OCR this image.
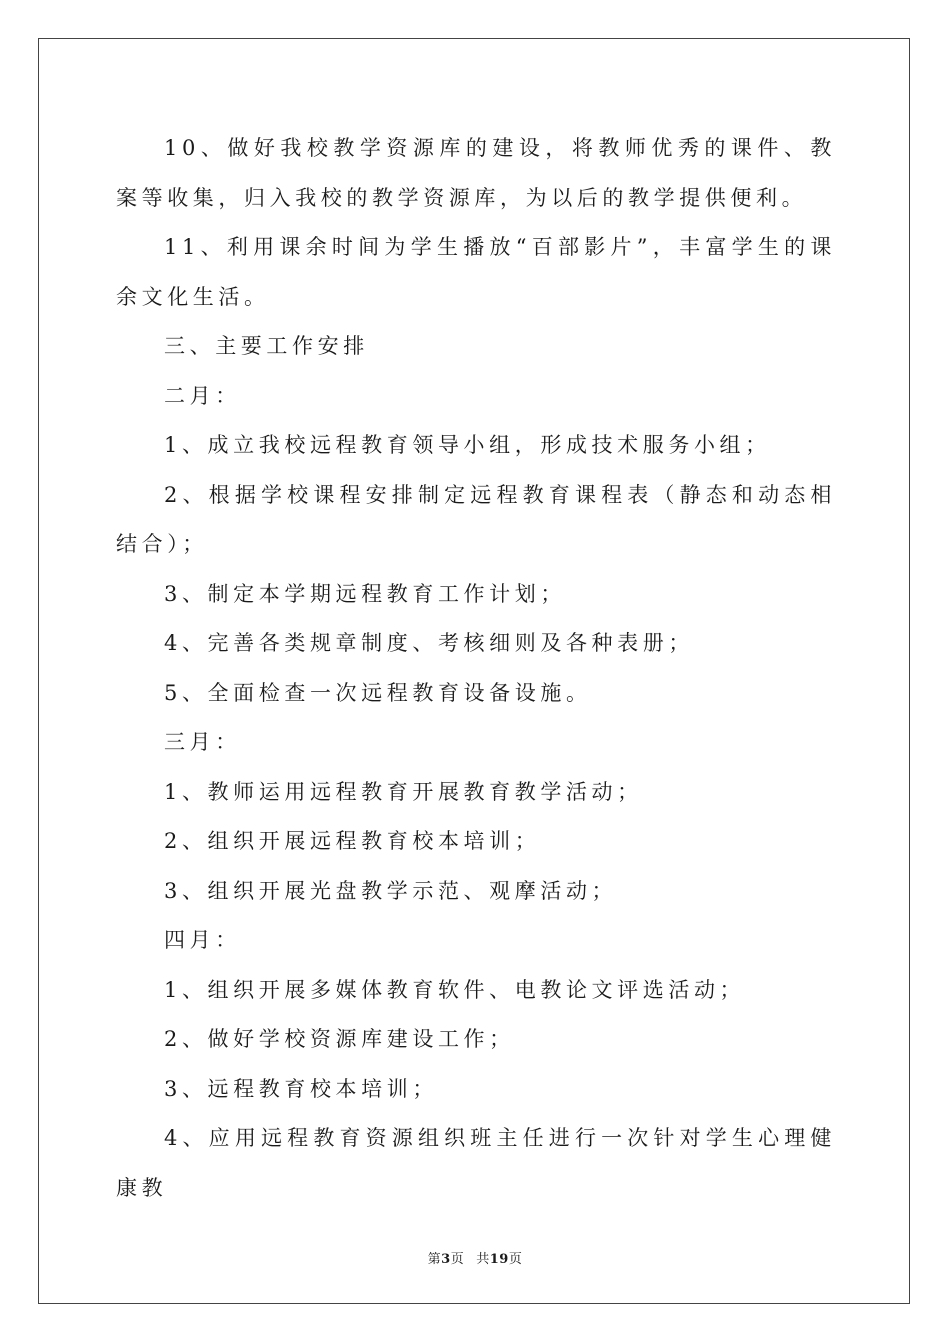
10、做好我校教学资源库的建设，将教师优秀的课件、教案等收集，归入我校的教学资源库，为以后的教学提供便利。

11、利用课余时间为学生播放“百部影片”，丰富学生的课余文化生活。

三、主要工作安排

二月：

1、成立我校远程教育领导小组，形成技术服务小组；

2、根据学校课程安排制定远程教育课程表（静态和动态相结合）；

3、制定本学期远程教育工作计划；

4、完善各类规章制度、考核细则及各种表册；

5、全面检查一次远程教育设备设施。

三月：

1、教师运用远程教育开展教育教学活动；

2、组织开展远程教育校本培训；

3、组织开展光盘教学示范、观摩活动；

四月：

1、组织开展多媒体教育软件、电教论文评选活动；

2、做好学校资源库建设工作；

3、远程教育校本培训；

4、应用远程教育资源组织班主任进行一次针对学生心理健康教

第3页 共19页
